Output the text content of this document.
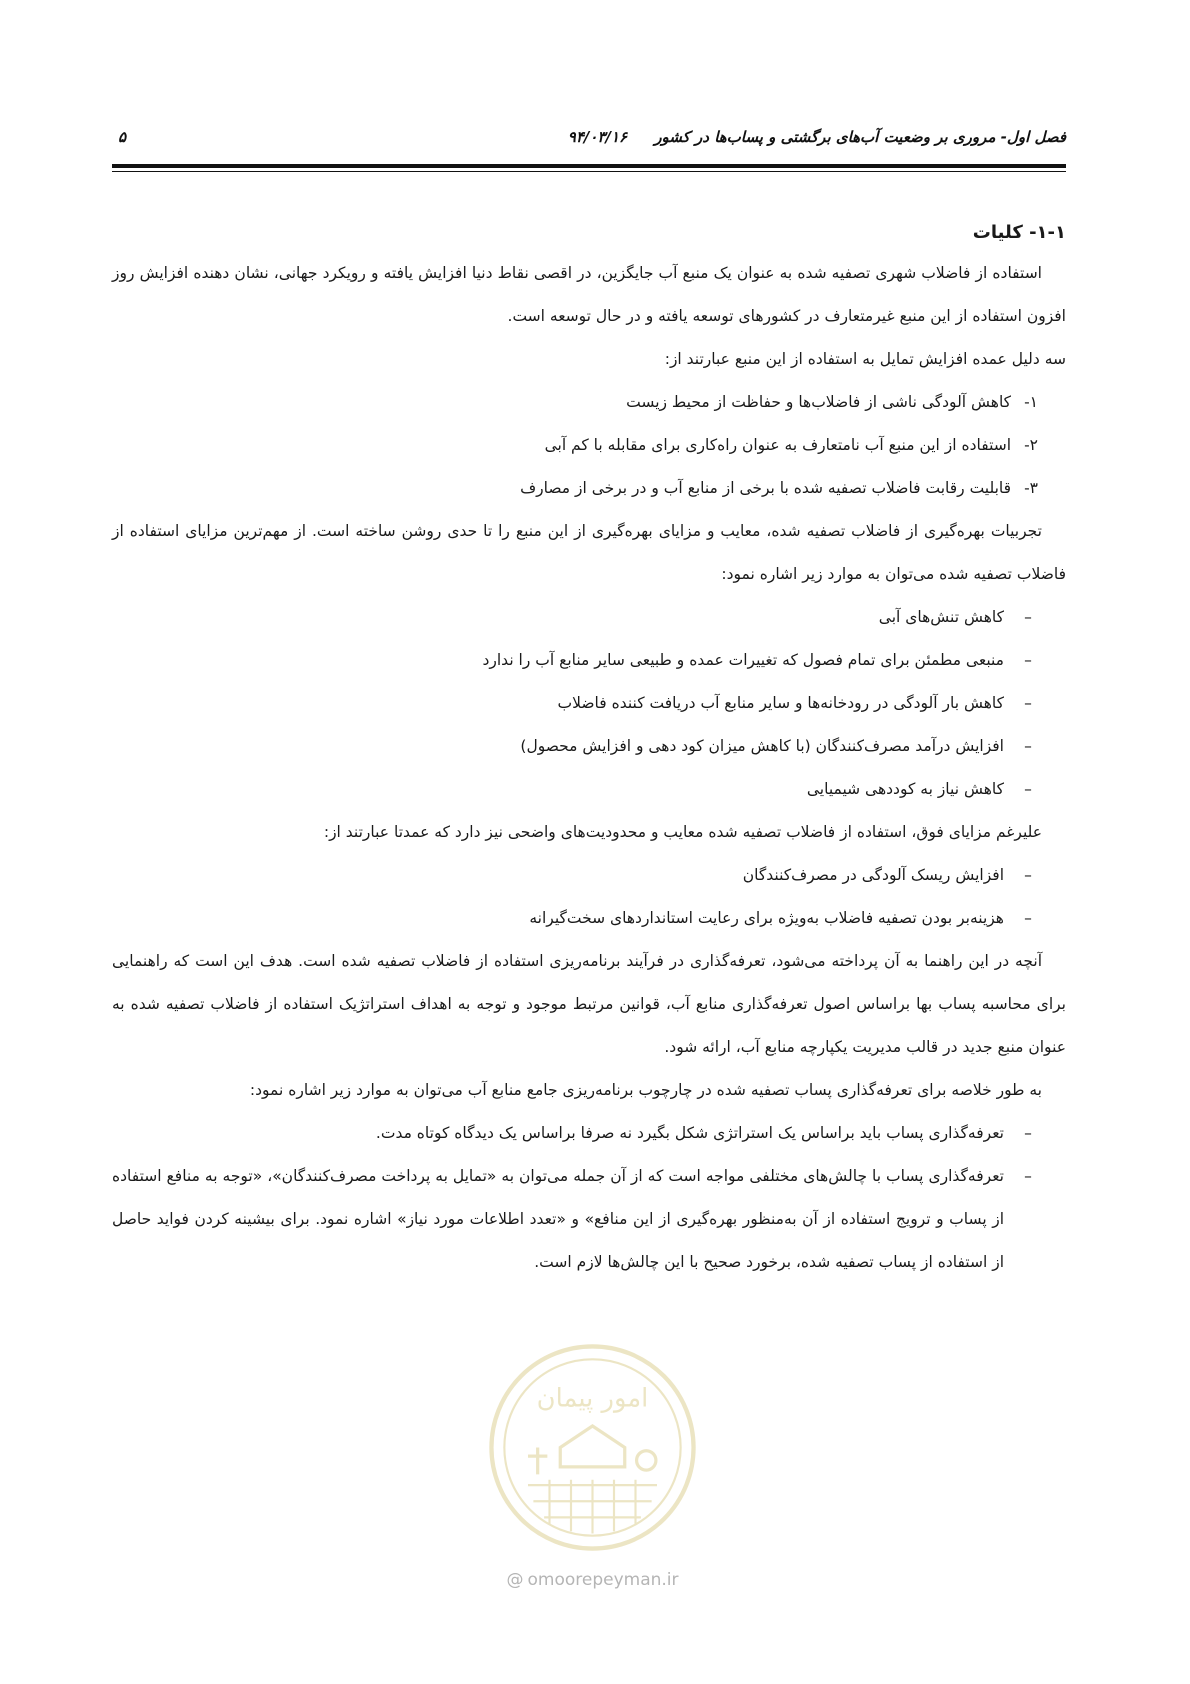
فصل اول- مروری بر وضعیت آب‌های برگشتی و پساب‌ها در کشور ۹۴/۰۳/۱۶
۵

۱-۱- کلیات

استفاده از فاضلاب شهری تصفیه شده به عنوان یک منبع آب جایگزین، در اقصی نقاط دنیا افزایش یافته و رویکرد جهانی، نشان دهنده افزایش روز افزون استفاده از این منبع غیرمتعارف در کشورهای توسعه یافته و در حال توسعه است.

سه دلیل عمده افزایش تمایل به استفاده از این منبع عبارتند از:

۱- کاهش آلودگی ناشی از فاضلاب‌ها و حفاظت از محیط زیست
۲- استفاده از این منبع آب نامتعارف به عنوان راه‌کاری برای مقابله با کم آبی
۳- قابلیت رقابت فاضلاب تصفیه شده با برخی از منابع آب و در برخی از مصارف

تجربیات بهره‌گیری از فاضلاب تصفیه شده، معایب و مزایای بهره‌گیری از این منبع را تا حدی روشن ساخته است. از مهم‌ترین مزایای استفاده از فاضلاب تصفیه شده می‌توان به موارد زیر اشاره نمود:

–
کاهش تنش‌های آبی
–
منبعی مطمئن برای تمام فصول که تغییرات عمده و طبیعی سایر منابع آب را ندارد
–
کاهش بار آلودگی در رودخانه‌ها و سایر منابع آب دریافت کننده فاضلاب
–
افزایش درآمد مصرف‌کنندگان (با کاهش میزان کود دهی و افزایش محصول)
–
کاهش نیاز به کوددهی شیمیایی

علیرغم مزایای فوق، استفاده از فاضلاب تصفیه شده معایب و محدودیت‌های واضحی نیز دارد که عمدتا عبارتند از:

–
افزایش ریسک آلودگی در مصرف‌کنندگان
–
هزینه‌بر بودن تصفیه فاضلاب به‌ویژه برای رعایت استانداردهای سخت‌گیرانه

آنچه در این راهنما به آن پرداخته می‌شود، تعرفه‌گذاری در فرآیند برنامه‌ریزی استفاده از فاضلاب تصفیه شده است. هدف این است که راهنمایی برای محاسبه پساب بها براساس اصول تعرفه‌گذاری منابع آب، قوانین مرتبط موجود و توجه به اهداف استراتژیک استفاده از فاضلاب تصفیه شده به عنوان منبع جدید در قالب مدیریت یکپارچه منابع آب، ارائه شود.

به طور خلاصه برای تعرفه‌گذاری پساب تصفیه شده در چارچوب برنامه‌ریزی جامع منابع آب می‌توان به موارد زیر اشاره نمود:

–
تعرفه‌گذاری پساب باید براساس یک استراتژی شکل بگیرد نه صرفا براساس یک دیدگاه کوتاه مدت.
–
تعرفه‌گذاری پساب با چالش‌های مختلفی مواجه است که از آن جمله می‌توان به «تمایل به پرداخت مصرف‌کنندگان»، «توجه به منافع استفاده از پساب و ترویج استفاده از آن به‌منظور بهره‌گیری از این منافع» و «تعدد اطلاعات مورد نیاز» اشاره نمود. برای بیشینه کردن فواید حاصل از استفاده از پساب تصفیه شده، برخورد صحیح با این چالش‌ها لازم است.
امور پیمان
@ omoorepeyman.ir
